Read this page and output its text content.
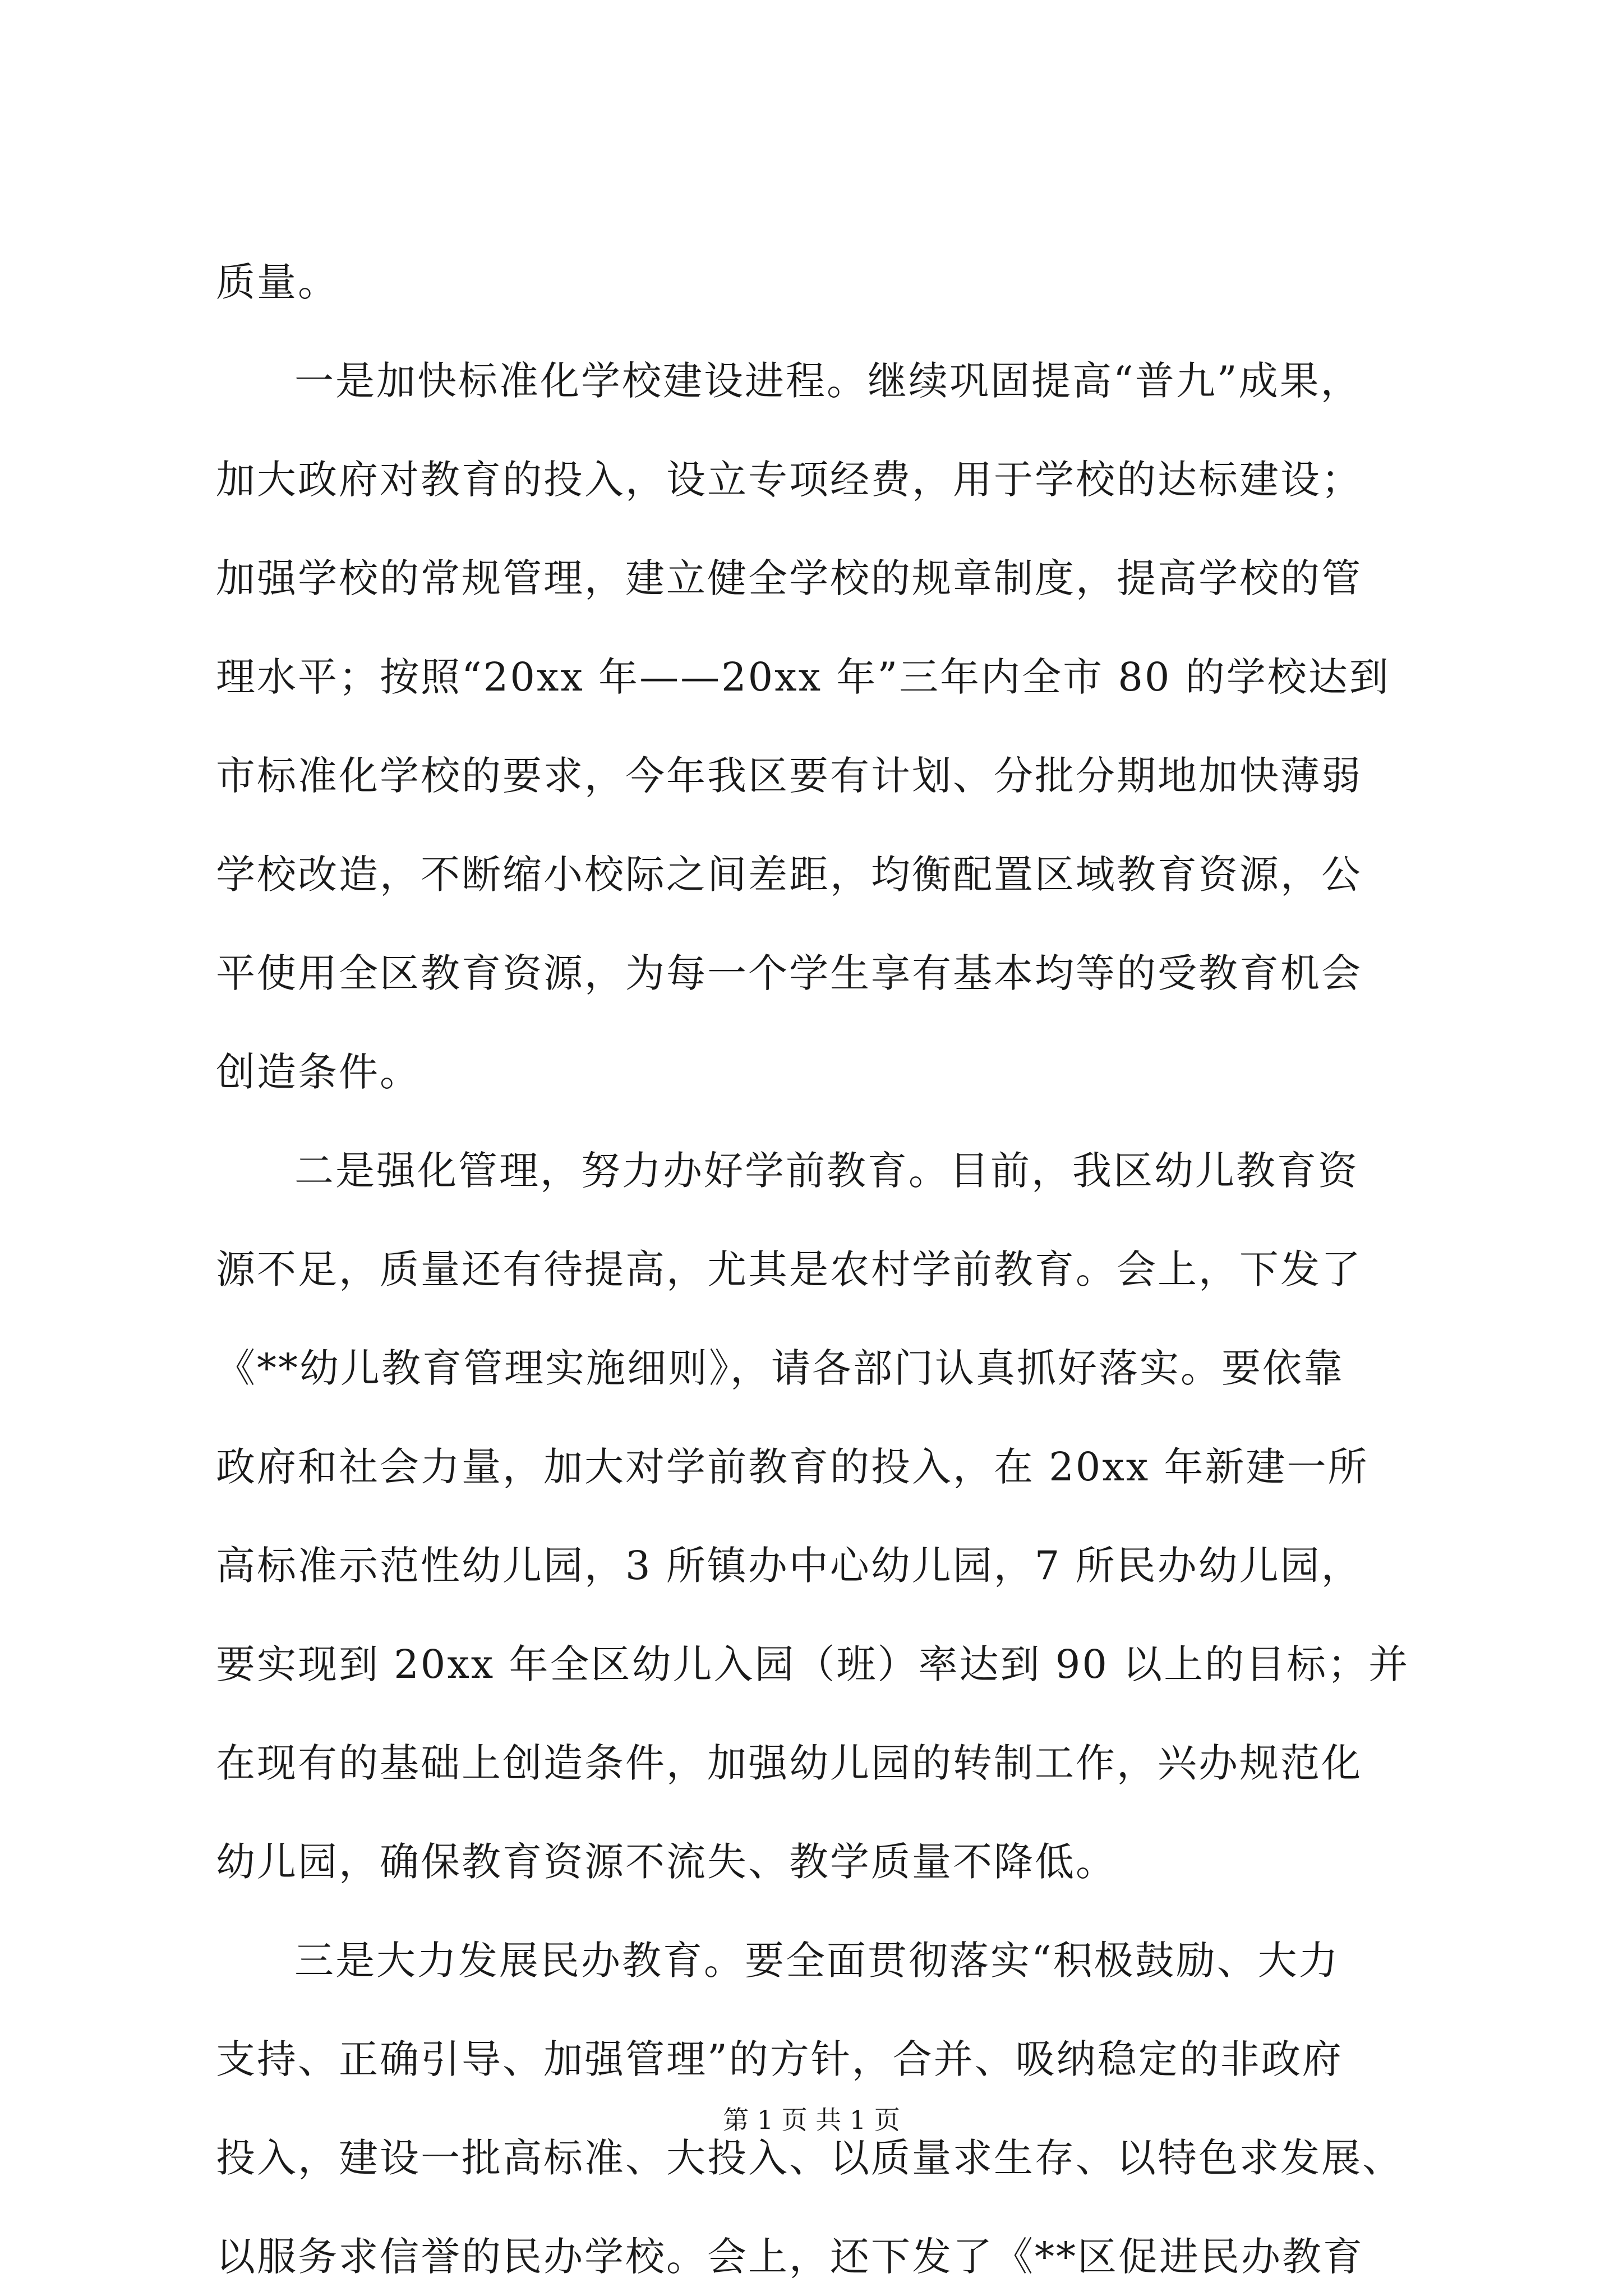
质量。
一是加快标准化学校建设进程。继续巩固提高“普九”成果，
加大政府对教育的投入，设立专项经费，用于学校的达标建设；
加强学校的常规管理，建立健全学校的规章制度，提高学校的管
理水平；按照“20xx 年——20xx 年”三年内全市 80 的学校达到
市标准化学校的要求，今年我区要有计划、分批分期地加快薄弱
学校改造，不断缩小校际之间差距，均衡配置区域教育资源，公
平使用全区教育资源，为每一个学生享有基本均等的受教育机会
创造条件。
二是强化管理，努力办好学前教育。目前，我区幼儿教育资
源不足，质量还有待提高，尤其是农村学前教育。会上，下发了
《**幼儿教育管理实施细则》，请各部门认真抓好落实。要依靠
政府和社会力量，加大对学前教育的投入，在 20xx 年新建一所
高标准示范性幼儿园，3 所镇办中心幼儿园，7 所民办幼儿园，
要实现到 20xx 年全区幼儿入园（班）率达到 90 以上的目标；并
在现有的基础上创造条件，加强幼儿园的转制工作，兴办规范化
幼儿园，确保教育资源不流失、教学质量不降低。
三是大力发展民办教育。要全面贯彻落实“积极鼓励、大力
支持、正确引导、加强管理”的方针，合并、吸纳稳定的非政府
投入，建设一批高标准、大投入、以质量求生存、以特色求发展、
以服务求信誉的民办学校。会上，还下发了《**区促进民办教育
第 1 页 共 1 页
